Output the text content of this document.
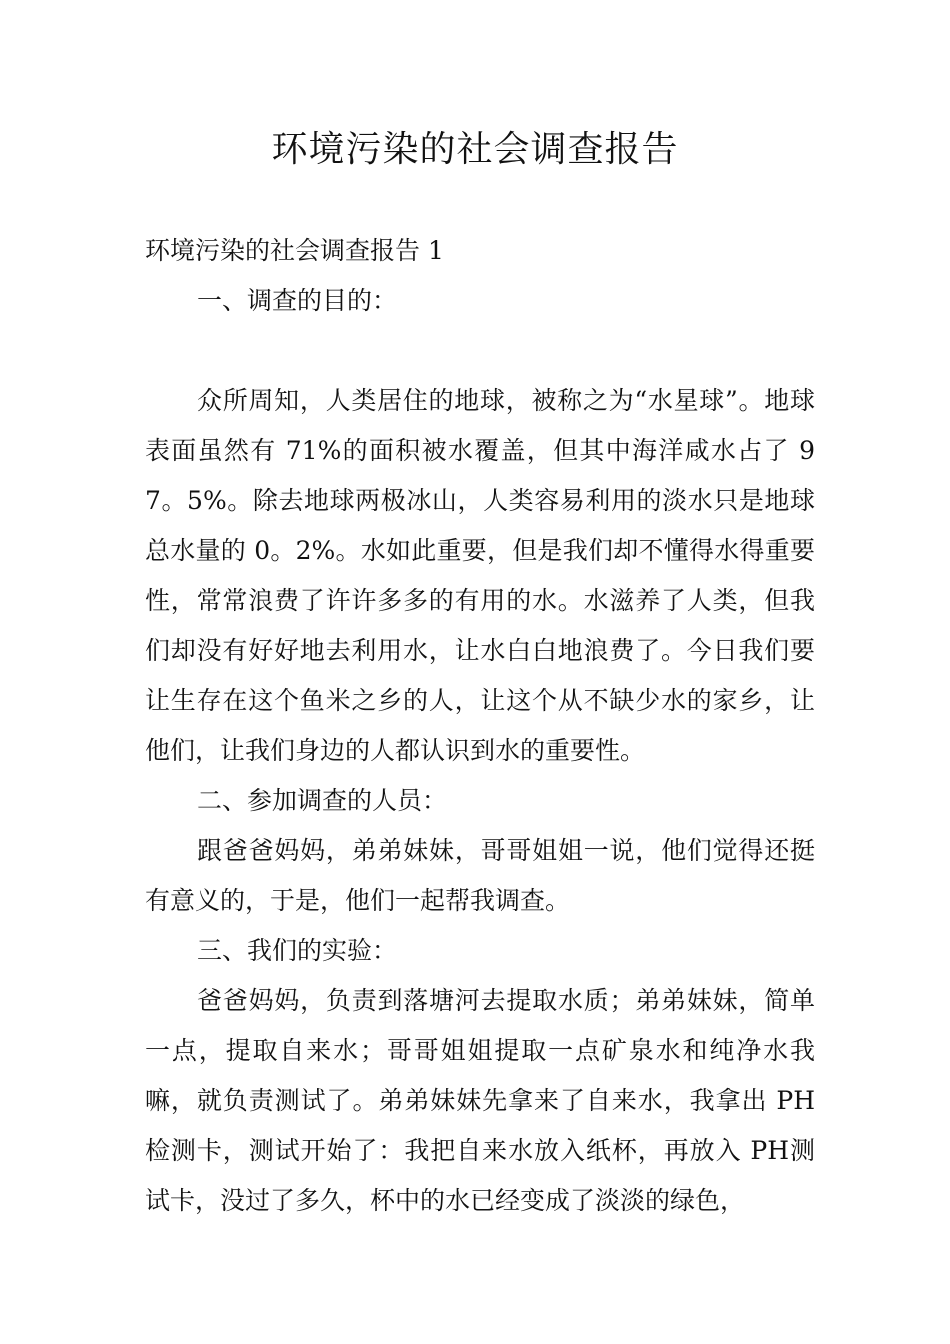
环境污染的社会调查报告

环境污染的社会调查报告 1

一、调查的目的：

众所周知，人类居住的地球，被称之为“水星球”。地球表面虽然有 71%的面积被水覆盖，但其中海洋咸水占了 97。5%。除去地球两极冰山，人类容易利用的淡水只是地球总水量的 0。2%。水如此重要，但是我们却不懂得水得重要性，常常浪费了许许多多的有用的水。水滋养了人类，但我们却没有好好地去利用水，让水白白地浪费了。今日我们要让生存在这个鱼米之乡的人，让这个从不缺少水的家乡，让他们，让我们身边的人都认识到水的重要性。

二、参加调查的人员：

跟爸爸妈妈，弟弟妹妹，哥哥姐姐一说，他们觉得还挺有意义的，于是，他们一起帮我调查。

三、我们的实验：

爸爸妈妈，负责到落塘河去提取水质；弟弟妹妹，简单一点，提取自来水；哥哥姐姐提取一点矿泉水和纯净水我嘛，就负责测试了。弟弟妹妹先拿来了自来水，我拿出 PH 检测卡，测试开始了：我把自来水放入纸杯，再放入 PH测试卡，没过了多久，杯中的水已经变成了淡淡的绿色，
